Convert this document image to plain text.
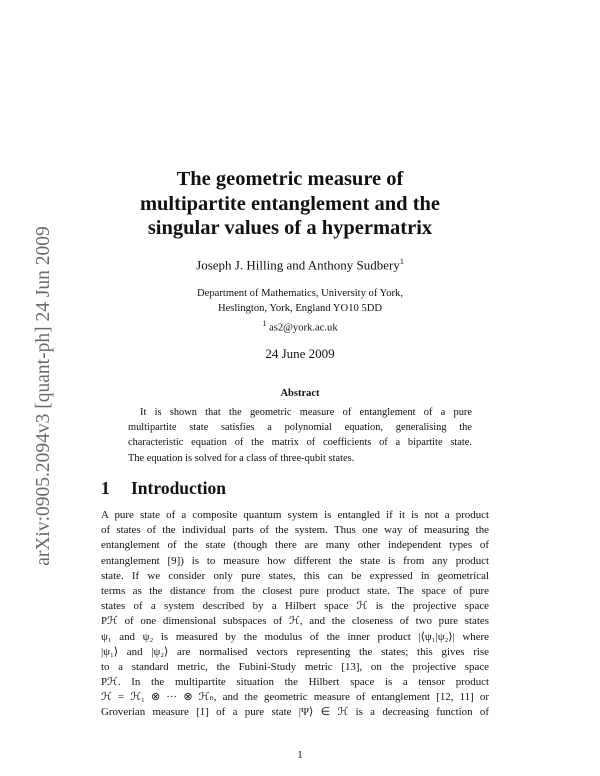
arXiv:0905.2094v3 [quant-ph] 24 Jun 2009
The geometric measure of
multipartite entanglement and the
singular values of a hypermatrix
Joseph J. Hilling and Anthony Sudbery$^1$
Department of Mathematics, University of York,
Heslington, York, England YO10 5DD
$^1$ as2@york.ac.uk
24 June 2009
Abstract
It is shown that the geometric measure of entanglement of a pure
multipartite state satisfies a polynomial equation, generalising the
characteristic equation of the matrix of coefficients of a bipartite state.
The equation is solved for a class of three-qubit states.
1 Introduction
A pure state of a composite quantum system is entangled if it is not a product
of states of the individual parts of the system. Thus one way of measuring the
entanglement of the state (though there are many other independent types of
entanglement [9]) is to measure how different the state is from any product
state. If we consider only pure states, this can be expressed in geometrical
terms as the distance from the closest pure product state. The space of pure
states of a system described by a Hilbert space ℋ is the projective space
Pℋ of one dimensional subspaces of ℋ, and the closeness of two pure states
ψ₁ and ψ₂ is measured by the modulus of the inner product |⟨ψ₁|ψ₂⟩| where
|ψ₁⟩ and |ψ₂⟩ are normalised vectors representing the states; this gives rise
to a standard metric, the Fubini-Study metric [13], on the projective space
Pℋ. In the multipartite situation the Hilbert space is a tensor product
ℋ = ℋ₁ ⊗ ··· ⊗ ℋₙ, and the geometric measure of entanglement [12, 11] or
Groverian measure [1] of a pure state |Ψ⟩ ∈ ℋ is a decreasing function of
1
